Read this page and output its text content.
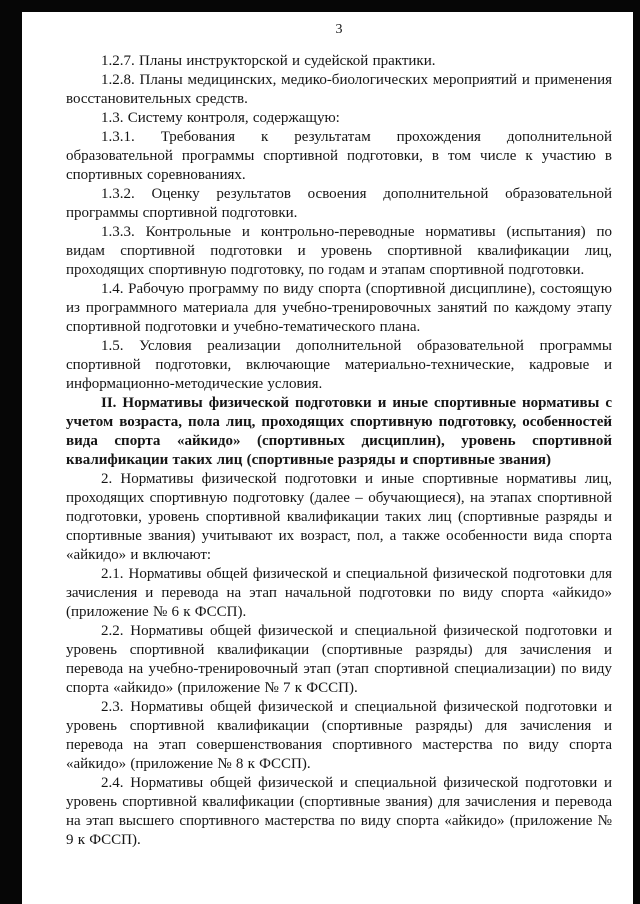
3

1.2.7. Планы инструкторской и судейской практики.

1.2.8. Планы медицинских, медико-биологических мероприятий и применения восстановительных средств.

1.3. Систему контроля, содержащую:

1.3.1. Требования к результатам прохождения дополнительной образовательной программы спортивной подготовки, в том числе к участию в спортивных соревнованиях.

1.3.2. Оценку результатов освоения дополнительной образовательной программы спортивной подготовки.

1.3.3. Контрольные и контрольно-переводные нормативы (испытания) по видам спортивной подготовки и уровень спортивной квалификации лиц, проходящих спортивную подготовку, по годам и этапам спортивной подготовки.

1.4. Рабочую программу по виду спорта (спортивной дисциплине), состоящую из программного материала для учебно-тренировочных занятий по каждому этапу спортивной подготовки и учебно-тематического плана.

1.5. Условия реализации дополнительной образовательной программы спортивной подготовки, включающие материально-технические, кадровые и информационно-методические условия.

II. Нормативы физической подготовки и иные спортивные нормативы с учетом возраста, пола лиц, проходящих спортивную подготовку, особенностей вида спорта «айкидо» (спортивных дисциплин), уровень спортивной квалификации таких лиц (спортивные разряды и спортивные звания)

2. Нормативы физической подготовки и иные спортивные нормативы лиц, проходящих спортивную подготовку (далее – обучающиеся), на этапах спортивной подготовки, уровень спортивной квалификации таких лиц (спортивные разряды и спортивные звания) учитывают их возраст, пол, а также особенности вида спорта «айкидо» и включают:

2.1. Нормативы общей физической и специальной физической подготовки для зачисления и перевода на этап начальной подготовки по виду спорта «айкидо» (приложение № 6 к ФССП).

2.2. Нормативы общей физической и специальной физической подготовки и уровень спортивной квалификации (спортивные разряды) для зачисления и перевода на учебно-тренировочный этап (этап спортивной специализации) по виду спорта «айкидо» (приложение № 7 к ФССП).

2.3. Нормативы общей физической и специальной физической подготовки и уровень спортивной квалификации (спортивные разряды) для зачисления и перевода на этап совершенствования спортивного мастерства по виду спорта «айкидо» (приложение № 8 к ФССП).

2.4. Нормативы общей физической и специальной физической подготовки и уровень спортивной квалификации (спортивные звания) для зачисления и перевода на этап высшего спортивного мастерства по виду спорта «айкидо» (приложение № 9 к ФССП).
